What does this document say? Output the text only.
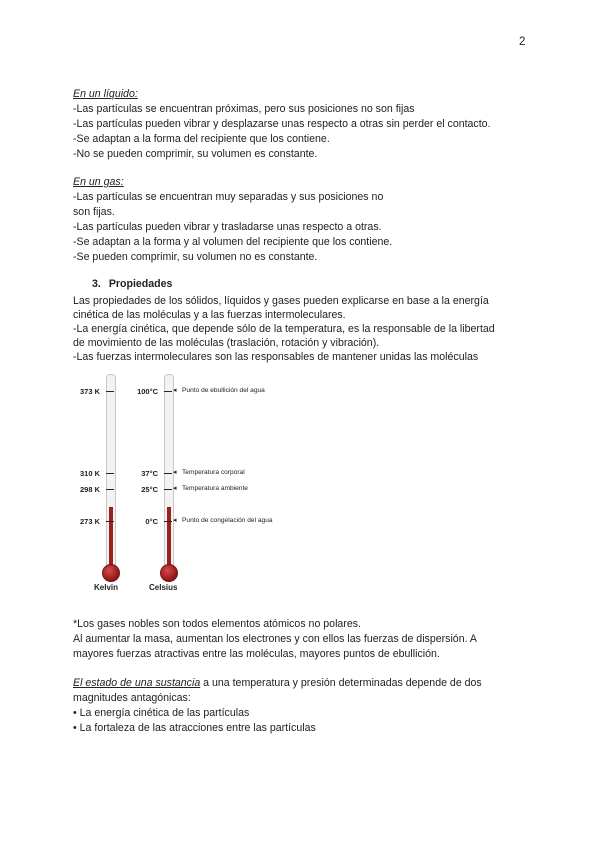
2
En un líquido:
-Las partículas se encuentran próximas, pero sus posiciones no son fijas
-Las partículas pueden vibrar y desplazarse unas respecto a otras sin perder el contacto.
-Se adaptan a la forma del recipiente que los contiene.
-No se pueden comprimir, su volumen es constante.
En un gas:
-Las partículas se encuentran muy separadas y sus posiciones no
son fijas.
-Las partículas pueden vibrar y trasladarse unas respecto a otras.
-Se adaptan a la forma y al volumen del recipiente que los contiene.
-Se pueden comprimir, su volumen no es constante.
3. Propiedades
Las propiedades de los sólidos, líquidos y gases pueden explicarse en base a la energía
cinética de las moléculas y a las fuerzas intermoleculares.
-La energía cinética, que depende sólo de la temperatura, es la responsable de la libertad
de movimiento de las moléculas (traslación, rotación y vibración).
-Las fuerzas intermoleculares son las responsables de mantener unidas las moléculas
373 K	100°C ◂ Punto de ebullición del agua
310 K	37°C ◂ Temperatura corporal
298 K	25°C ◂ Temperatura ambiente
273 K	0°C ◂ Punto de congelación del agua
Kelvin	Celsius
*Los gases nobles son todos elementos atómicos no polares.
Al aumentar la masa, aumentan los electrones y con ellos las fuerzas de dispersión. A
mayores fuerzas atractivas entre las moléculas, mayores puntos de ebullición.
El estado de una sustancia a una temperatura y presión determinadas depende de dos
magnitudes antagónicas:
• La energía cinética de las partículas
• La fortaleza de las atracciones entre las partículas
